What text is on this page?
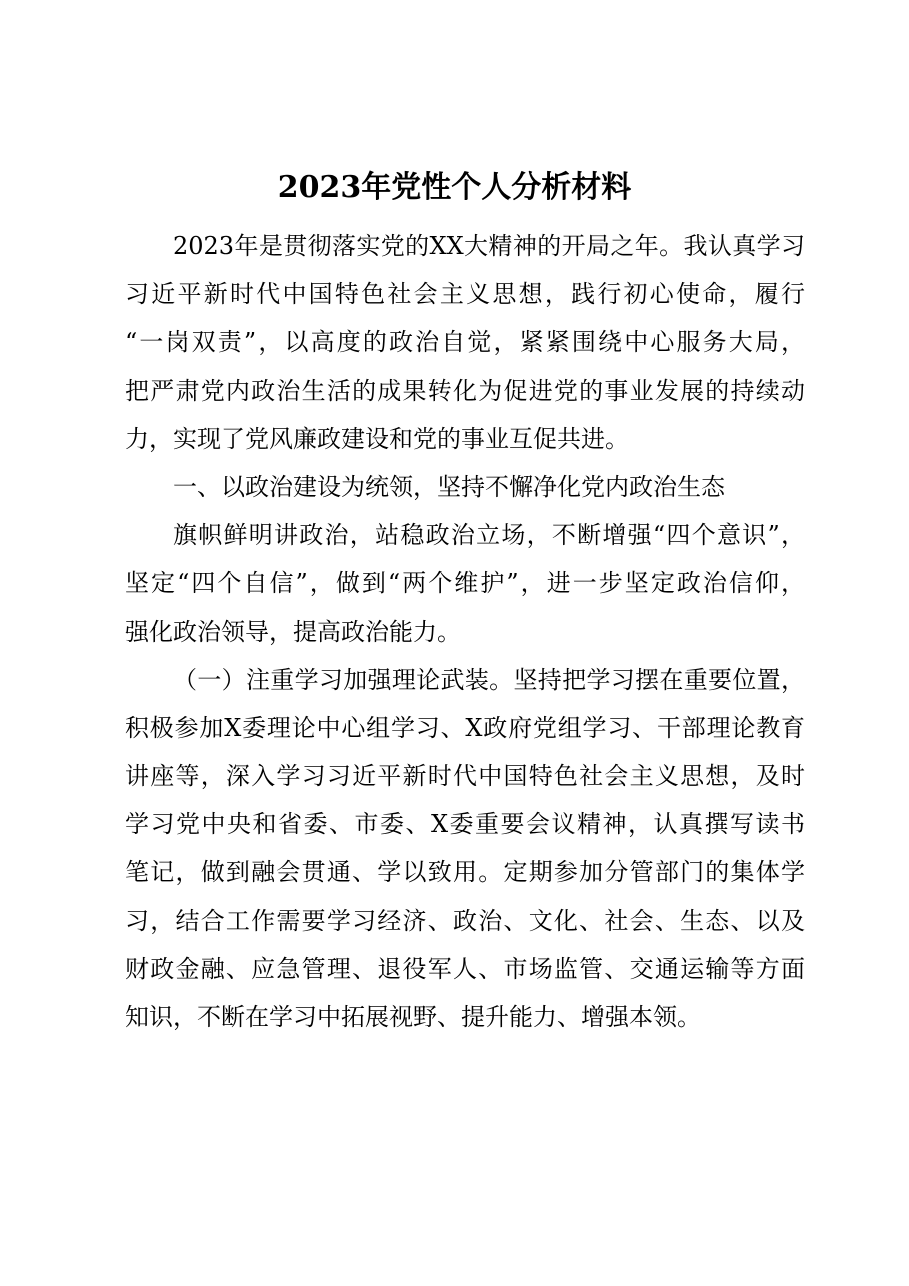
2023年党性个人分析材料
2023年是贯彻落实党的XX大精神的开局之年。我认真学习
习近平新时代中国特色社会主义思想，践行初心使命，履行
“一岗双责”，以高度的政治自觉，紧紧围绕中心服务大局，
把严肃党内政治生活的成果转化为促进党的事业发展的持续动
力，实现了党风廉政建设和党的事业互促共进。
一、以政治建设为统领，坚持不懈净化党内政治生态
旗帜鲜明讲政治，站稳政治立场，不断增强“四个意识”，
坚定“四个自信”，做到“两个维护”，进一步坚定政治信仰，
强化政治领导，提高政治能力。
（一）注重学习加强理论武装。坚持把学习摆在重要位置，
积极参加X委理论中心组学习、X政府党组学习、干部理论教育
讲座等，深入学习习近平新时代中国特色社会主义思想，及时
学习党中央和省委、市委、X委重要会议精神，认真撰写读书
笔记，做到融会贯通、学以致用。定期参加分管部门的集体学
习，结合工作需要学习经济、政治、文化、社会、生态、以及
财政金融、应急管理、退役军人、市场监管、交通运输等方面
知识，不断在学习中拓展视野、提升能力、增强本领。
